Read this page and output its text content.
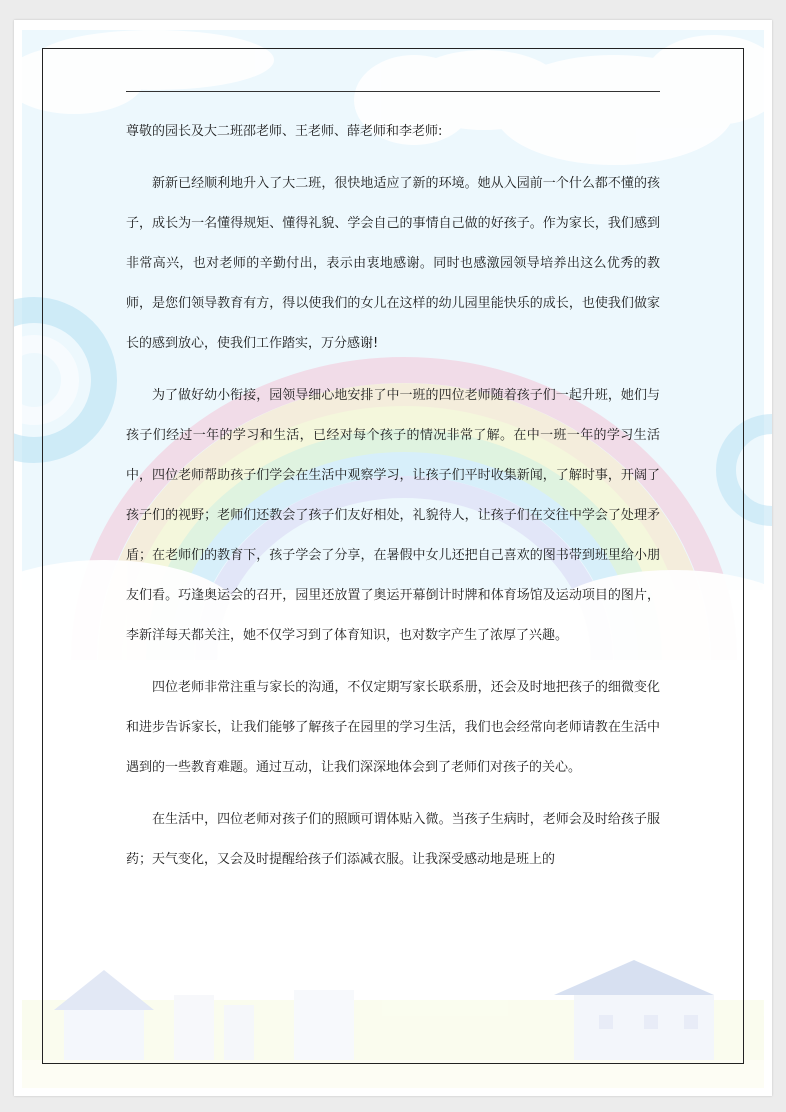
尊敬的园长及大二班邵老师、王老师、薛老师和李老师:

新新已经顺利地升入了大二班，很快地适应了新的环境。她从入园前一个什么都不懂的孩子，成长为一名懂得规矩、懂得礼貌、学会自己的事情自己做的好孩子。作为家长，我们感到非常高兴，也对老师的辛勤付出，表示由衷地感谢。同时也感激园领导培养出这么优秀的教师，是您们领导教育有方，得以使我们的女儿在这样的幼儿园里能快乐的成长，也使我们做家长的感到放心，使我们工作踏实，万分感谢!

为了做好幼小衔接，园领导细心地安排了中一班的四位老师随着孩子们一起升班，她们与孩子们经过一年的学习和生活，已经对每个孩子的情况非常了解。在中一班一年的学习生活中，四位老师帮助孩子们学会在生活中观察学习，让孩子们平时收集新闻，了解时事，开阔了孩子们的视野；老师们还教会了孩子们友好相处，礼貌待人，让孩子们在交往中学会了处理矛盾；在老师们的教育下，孩子学会了分享，在暑假中女儿还把自己喜欢的图书带到班里给小朋友们看。巧逢奥运会的召开，园里还放置了奥运开幕倒计时牌和体育场馆及运动项目的图片，李新洋每天都关注，她不仅学习到了体育知识，也对数字产生了浓厚了兴趣。

四位老师非常注重与家长的沟通，不仅定期写家长联系册，还会及时地把孩子的细微变化和进步告诉家长，让我们能够了解孩子在园里的学习生活，我们也会经常向老师请教在生活中遇到的一些教育难题。通过互动，让我们深深地体会到了老师们对孩子的关心。

在生活中，四位老师对孩子们的照顾可谓体贴入微。当孩子生病时，老师会及时给孩子服药；天气变化，又会及时提醒给孩子们添减衣服。让我深受感动地是班上的
